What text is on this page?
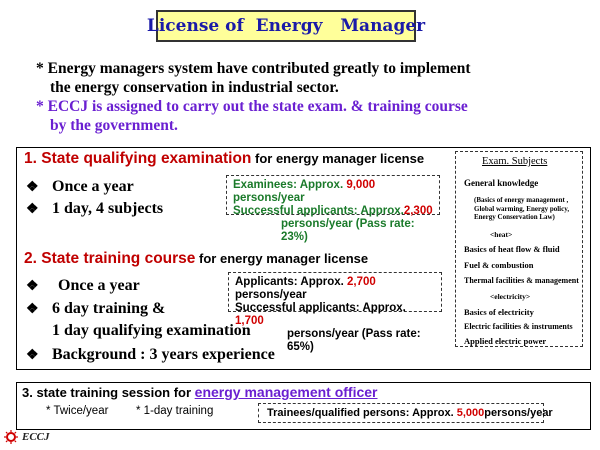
License of  Energy   Manager
* Energy managers system have contributed greatly to implement
the energy conservation in industrial sector.
* ECCJ is assigned to carry out the state exam. & training course
by the government.
1. State qualifying examination for energy manager license
❖ Once a year
❖ 1 day, 4 subjects
Examinees: Approx. 9,000 persons/year
Successful applicants: Approx.2,300
persons/year (Pass rate: 23%)
2. State training course for energy manager license
❖ Once a year
❖ 6 day training &
1 day qualifying examination
❖ Background : 3 years experience
Applicants: Approx. 2,700 persons/year
Successful applicants: Approx. 1,700
persons/year (Pass rate: 65%)
Exam. Subjects
General knowledge
(Basics of energy management ,
Global warming, Energy policy,
Energy Conservation Law)
<heat>
Basics of heat flow & fluid
Fuel & combustion
Thermal facilities & management
<electricity>
Basics of electricity
Electric facilities & instruments
Applied electric power
3. state training session for energy management officer
* Twice/year * 1-day training	Trainees/qualified persons: Approx. 5,000persons/year
ECCJ
